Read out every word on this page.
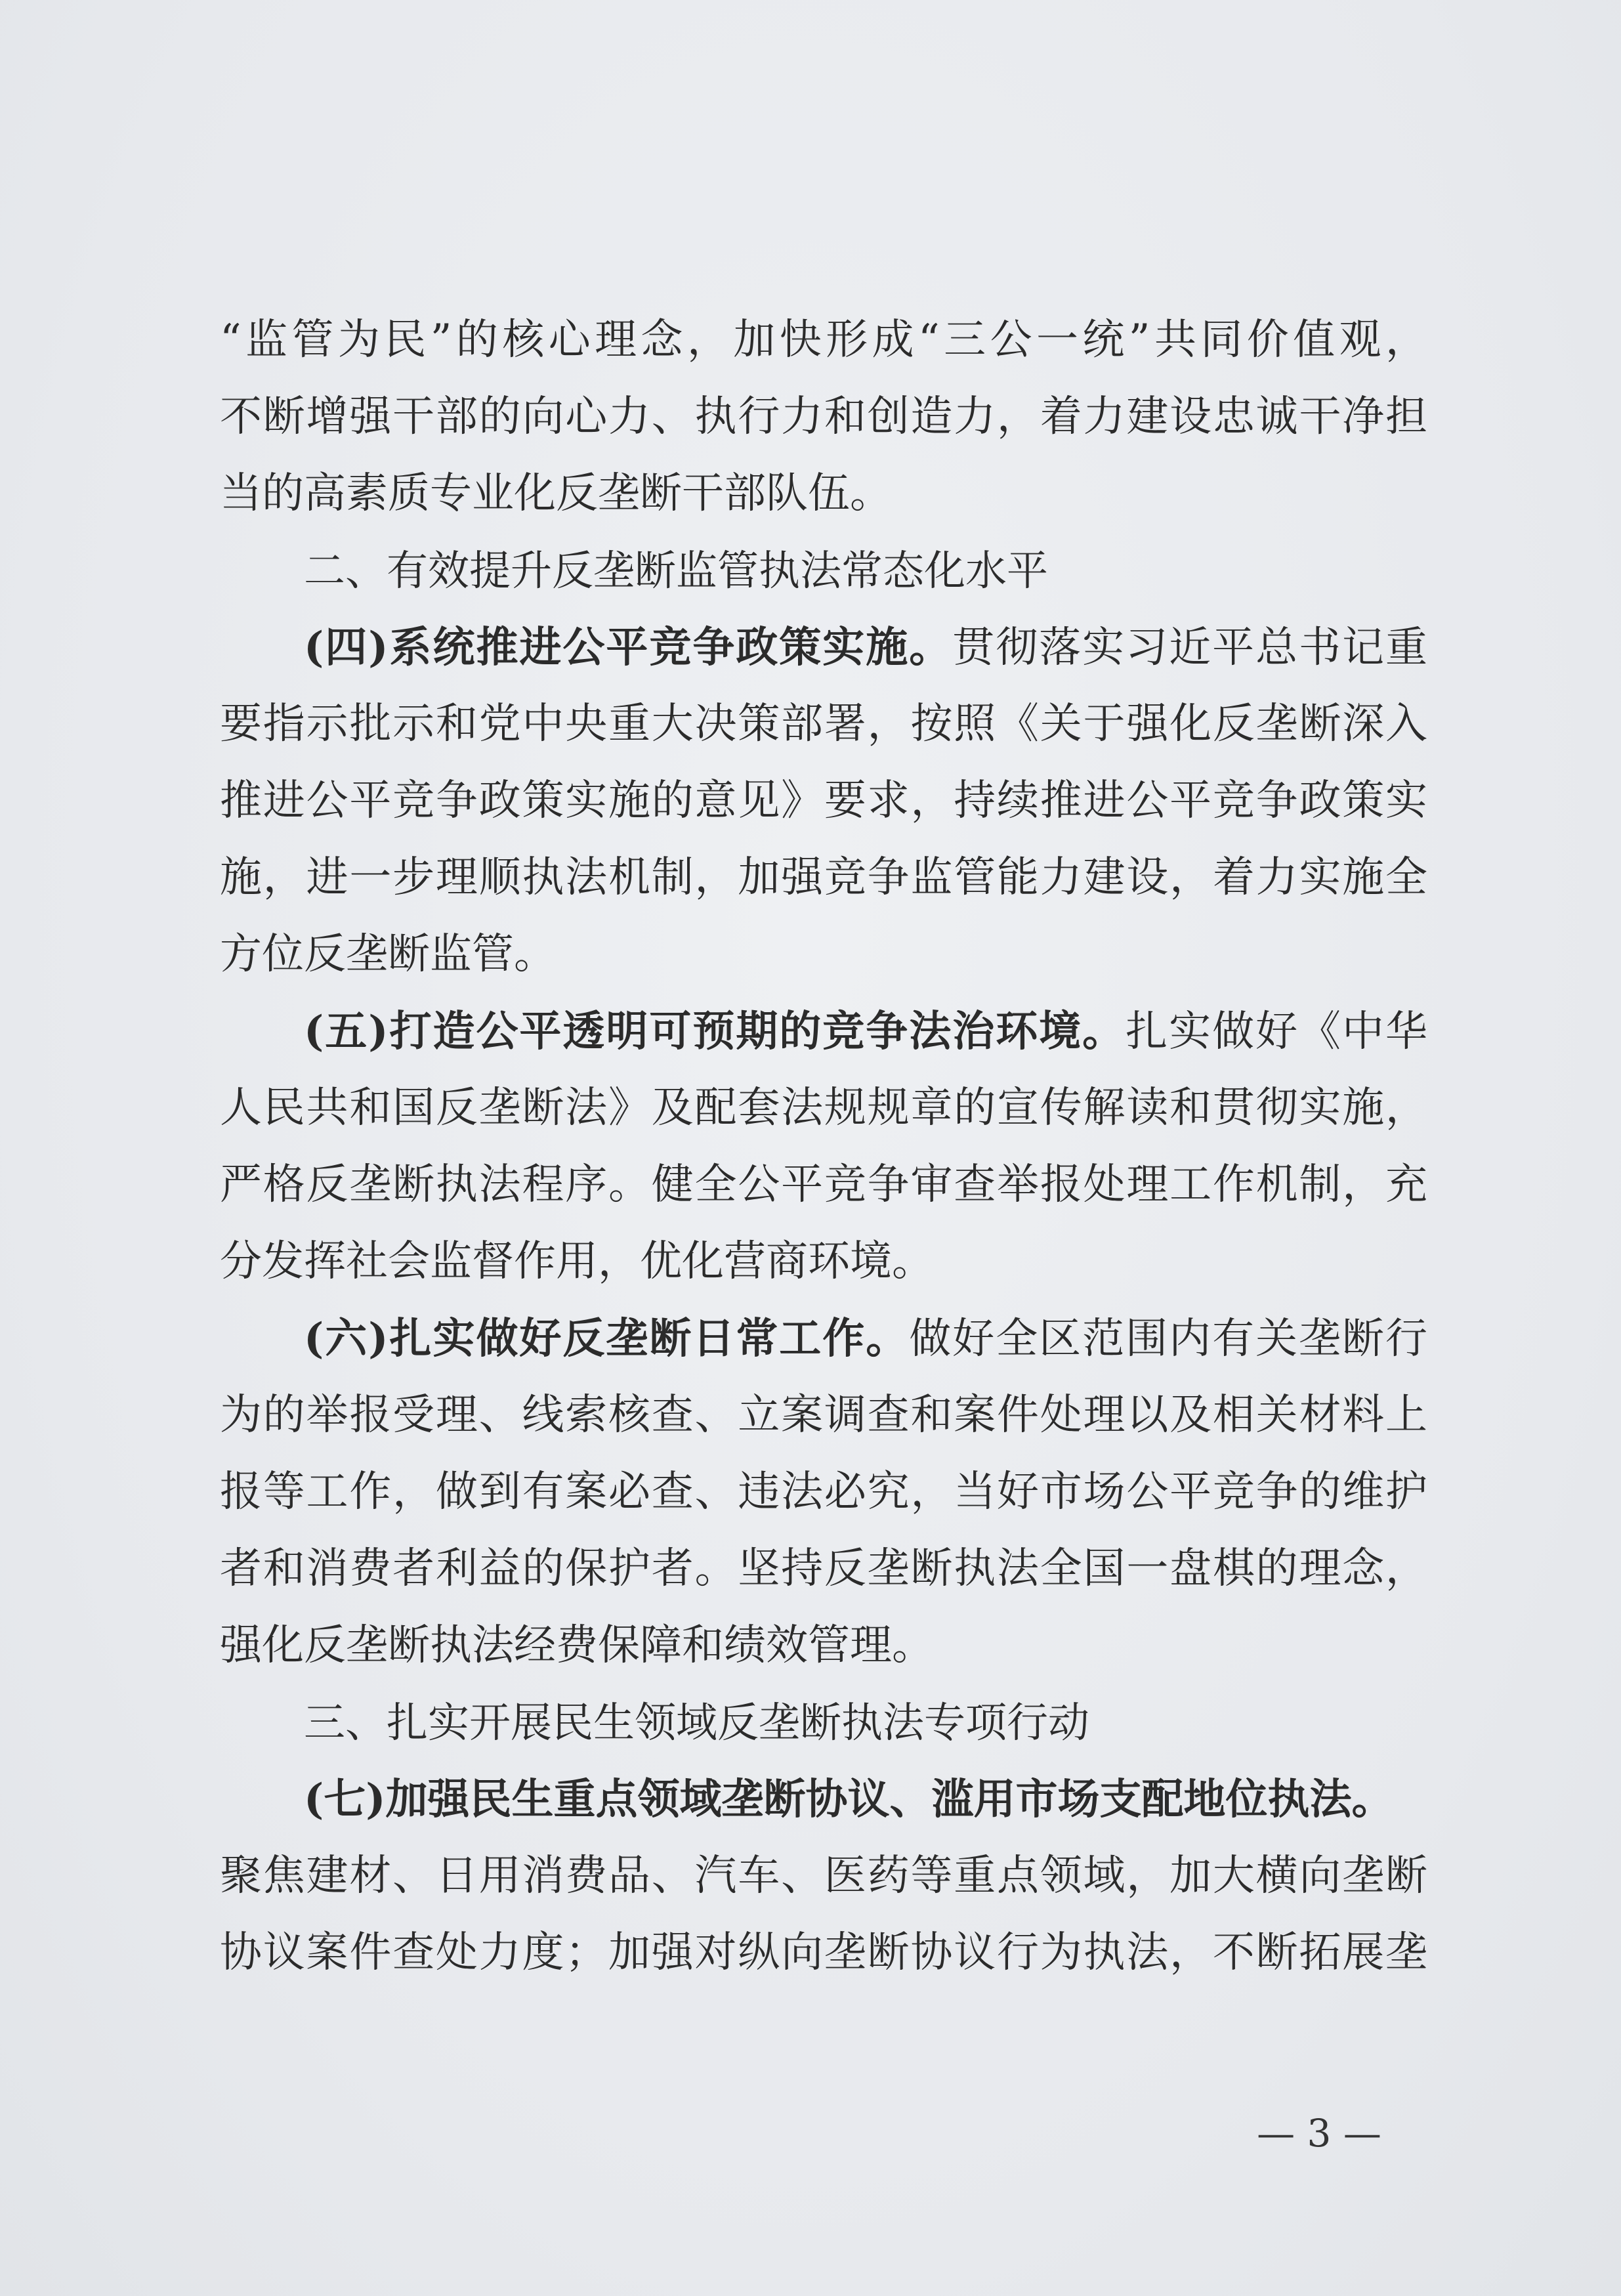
“监管为民”的核心理念，加快形成“三公一统”共同价值观，
不断增强干部的向心力、执行力和创造力，着力建设忠诚干净担
当的高素质专业化反垄断干部队伍。
二、有效提升反垄断监管执法常态化水平
(四)系统推进公平竞争政策实施。贯彻落实习近平总书记重
要指示批示和党中央重大决策部署，按照《关于强化反垄断深入
推进公平竞争政策实施的意见》要求，持续推进公平竞争政策实
施，进一步理顺执法机制，加强竞争监管能力建设，着力实施全
方位反垄断监管。
(五)打造公平透明可预期的竞争法治环境。扎实做好《中华
人民共和国反垄断法》及配套法规规章的宣传解读和贯彻实施，
严格反垄断执法程序。健全公平竞争审查举报处理工作机制，充
分发挥社会监督作用，优化营商环境。
(六)扎实做好反垄断日常工作。做好全区范围内有关垄断行
为的举报受理、线索核查、立案调查和案件处理以及相关材料上
报等工作，做到有案必查、违法必究，当好市场公平竞争的维护
者和消费者利益的保护者。坚持反垄断执法全国一盘棋的理念，
强化反垄断执法经费保障和绩效管理。
三、扎实开展民生领域反垄断执法专项行动
(七)加强民生重点领域垄断协议、滥用市场支配地位执法。
聚焦建材、日用消费品、汽车、医药等重点领域，加大横向垄断
协议案件查处力度；加强对纵向垄断协议行为执法，不断拓展垄
— 3 —
